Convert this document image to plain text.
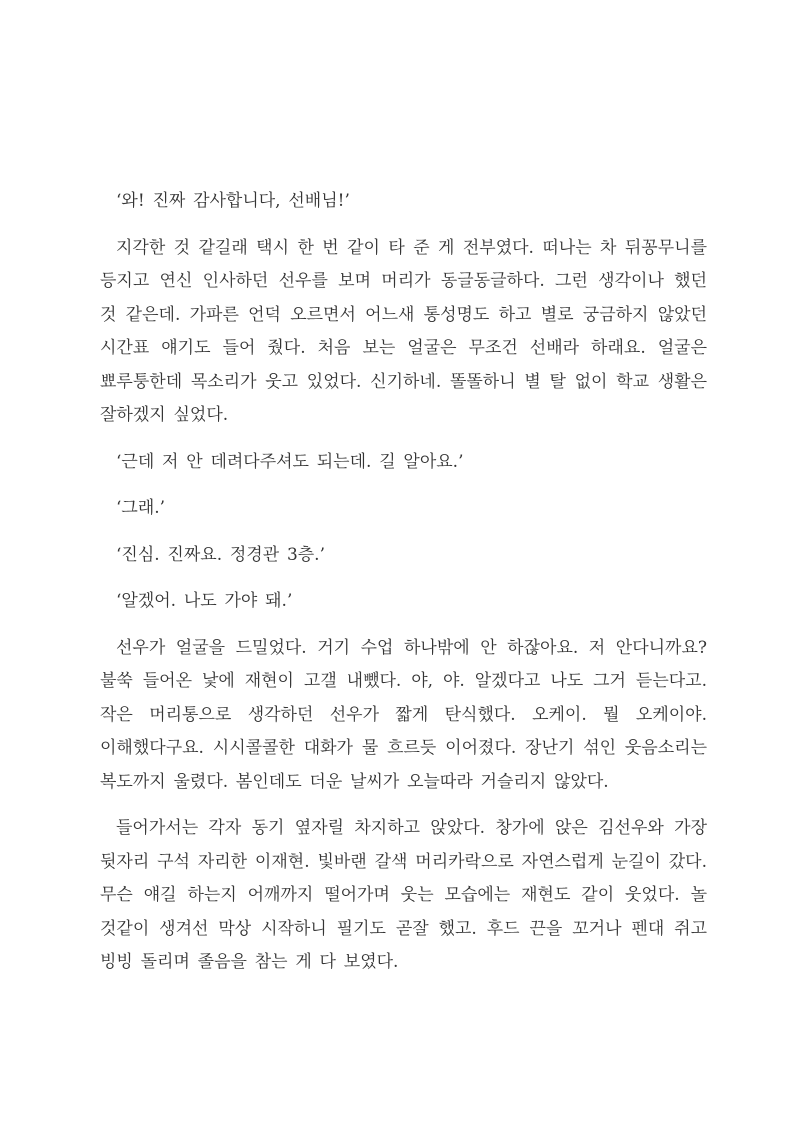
‘와! 진짜 감사합니다, 선배님!’

지각한 것 같길래 택시 한 번 같이 타 준 게 전부였다. 떠나는 차 뒤꽁무니를 등지고 연신 인사하던 선우를 보며 머리가 동글동글하다. 그런 생각이나 했던 것 같은데. 가파른 언덕 오르면서 어느새 통성명도 하고 별로 궁금하지 않았던 시간표 얘기도 들어 줬다. 처음 보는 얼굴은 무조건 선배라 하래요. 얼굴은 뾰루퉁한데 목소리가 웃고 있었다. 신기하네. 똘똘하니 별 탈 없이 학교 생활은 잘하겠지 싶었다.

‘근데 저 안 데려다주셔도 되는데. 길 알아요.’

‘그래.’

‘진심. 진짜요. 정경관 3층.’

‘알겠어. 나도 가야 돼.’

선우가 얼굴을 드밀었다. 거기 수업 하나밖에 안 하잖아요. 저 안다니까요? 불쑥 들어온 낯에 재현이 고갤 내뺐다. 야, 야. 알겠다고 나도 그거 듣는다고. 작은 머리통으로 생각하던 선우가 짧게 탄식했다. 오케이. 뭘 오케이야. 이해했다구요. 시시콜콜한 대화가 물 흐르듯 이어졌다. 장난기 섞인 웃음소리는 복도까지 울렸다. 봄인데도 더운 날씨가 오늘따라 거슬리지 않았다.

들어가서는 각자 동기 옆자릴 차지하고 앉았다. 창가에 앉은 김선우와 가장 뒷자리 구석 자리한 이재현. 빛바랜 갈색 머리카락으로 자연스럽게 눈길이 갔다. 무슨 얘길 하는지 어깨까지 떨어가며 웃는 모습에는 재현도 같이 웃었다. 놀 것같이 생겨선 막상 시작하니 필기도 곧잘 했고. 후드 끈을 꼬거나 펜대 쥐고 빙빙 돌리며 졸음을 참는 게 다 보였다.
